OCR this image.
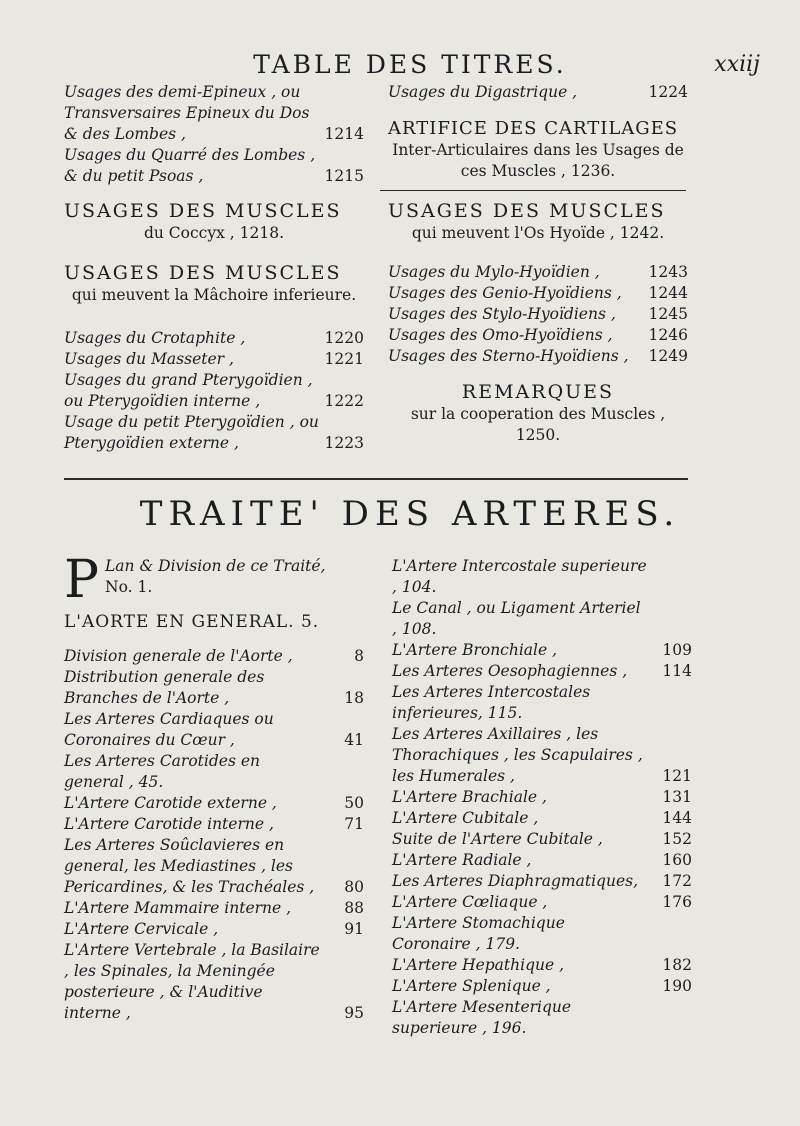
TABLE DES TITRES.	xxiij
Usages des demi-Epineux , ou Transversaires Epineux du Dos & des Lombes ,	1214
Usages du Quarré des Lombes , & du petit Psoas ,	1215
Usages du Digastrique ,	1224
ARTIFICE DES CARTILAGES
Inter-Articulaires dans les Usages de ces Muscles , 1236.
USAGES DES MUSCLES
du Coccyx , 1218.
USAGES DES MUSCLES
qui meuvent la Mâchoire inferieure.
Usages du Crotaphite ,	1220
Usages du Masseter ,	1221
Usages du grand Pterygoïdien , ou Pterygoïdien interne ,	1222
Usage du petit Pterygoïdien , ou Pterygoïdien externe ,	1223
USAGES DES MUSCLES
qui meuvent l'Os Hyoïde , 1242.
Usages du Mylo-Hyoïdien ,	1243
Usages des Genio-Hyoïdiens ,	1244
Usages des Stylo-Hyoïdiens ,	1245
Usages des Omo-Hyoïdiens ,	1246
Usages des Sterno-Hyoïdiens ,	1249
REMARQUES
sur la cooperation des Muscles , 1250.
TRAITE' DES ARTERES.
P Lan & Division de ce Traité,
No. 1.
L'AORTE EN GENERAL. 5.
Division generale de l'Aorte ,	8
Distribution generale des Branches de l'Aorte ,	18
Les Arteres Cardiaques ou Coronaires du Cœur ,	41
Les Arteres Carotides en general , 45.
L'Artere Carotide externe ,	50
L'Artere Carotide interne ,	71
Les Arteres Soûclavieres en general, les Mediastines , les Pericardines, & les Trachéales ,	80
L'Artere Mammaire interne ,	88
L'Artere Cervicale ,	91
L'Artere Vertebrale , la Basilaire , les Spinales, la Meningée posterieure , & l'Auditive interne ,	95
L'Artere Intercostale superieure , 104.
Le Canal , ou Ligament Arteriel , 108.
L'Artere Bronchiale ,	109
Les Arteres Oesophagiennes ,	114
Les Arteres Intercostales inferieures, 115.
Les Arteres Axillaires , les Thorachiques , les Scapulaires , les Humerales ,	121
L'Artere Brachiale ,	131
L'Artere Cubitale ,	144
Suite de l'Artere Cubitale ,	152
L'Artere Radiale ,	160
Les Arteres Diaphragmatiques,	172
L'Artere Cœliaque ,	176
L'Artere Stomachique Coronaire , 179.
L'Artere Hepathique ,	182
L'Artere Splenique ,	190
L'Artere Mesenterique superieure , 196.
